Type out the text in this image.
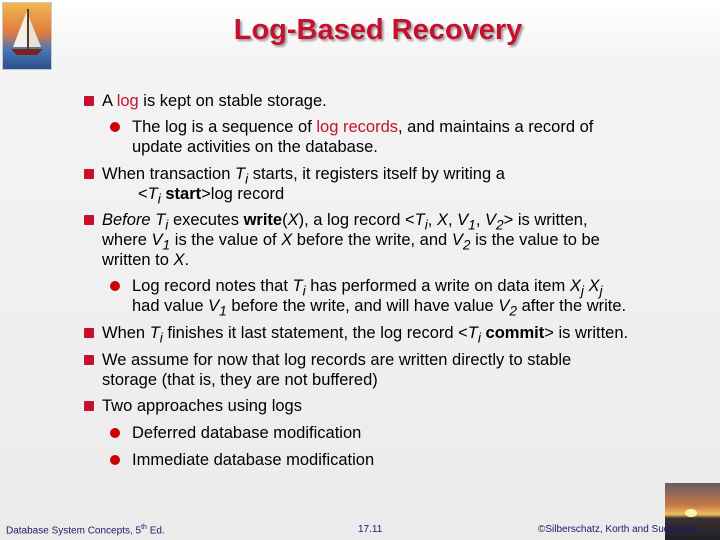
Log-Based Recovery
A log is kept on stable storage.
The log is a sequence of log records, and maintains a record of
update activities on the database.
When transaction $T_i$ starts, it registers itself by writing a
$<T_i$ start>log record
Before $T_i$ executes write(X), a log record $<T_i$, X, $V_1$, $V_2>$ is written,
where $V_1$ is the value of X before the write, and $V_2$ is the value to be
written to X.
Log record notes that $T_i$ has performed a write on data item $X_j$ $X_j$
had value $V_1$ before the write, and will have value $V_2$ after the write.
When $T_i$ finishes it last statement, the log record $<T_i$ commit> is written.
We assume for now that log records are written directly to stable
storage (that is, they are not buffered)
Two approaches using logs
Deferred database modification
Immediate database modification
Database System Concepts, 5th Ed.	17.11	©Silberschatz, Korth and Sudarshan
